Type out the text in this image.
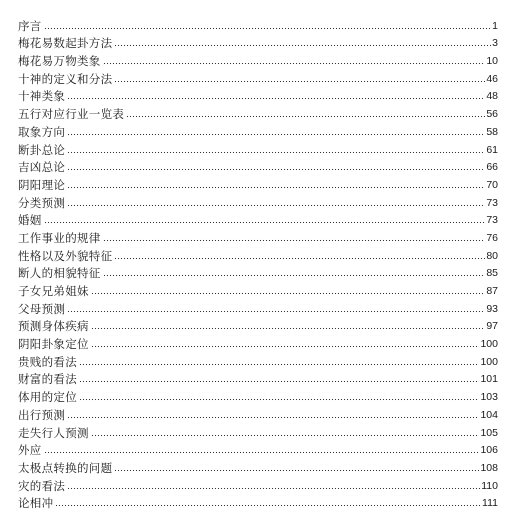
序言	1
梅花易数起卦方法	3
梅花易万物类象	10
十神的定义和分法	46
十神类象	48
五行对应行业一览表	56
取象方向	58
断卦总论	61
吉凶总论	66
阴阳理论	70
分类预测	73
婚姻	73
工作事业的规律	76
性格以及外貌特征	80
断人的相貌特征	85
子女兄弟姐妹	87
父母预测	93
预测身体疾病	97
阴阳卦象定位	100
贵贱的看法	100
财富的看法	101
体用的定位	103
出行预测	104
走失行人预测	105
外应	106
太极点转换的问题	108
灾的看法	110
论相冲	111
